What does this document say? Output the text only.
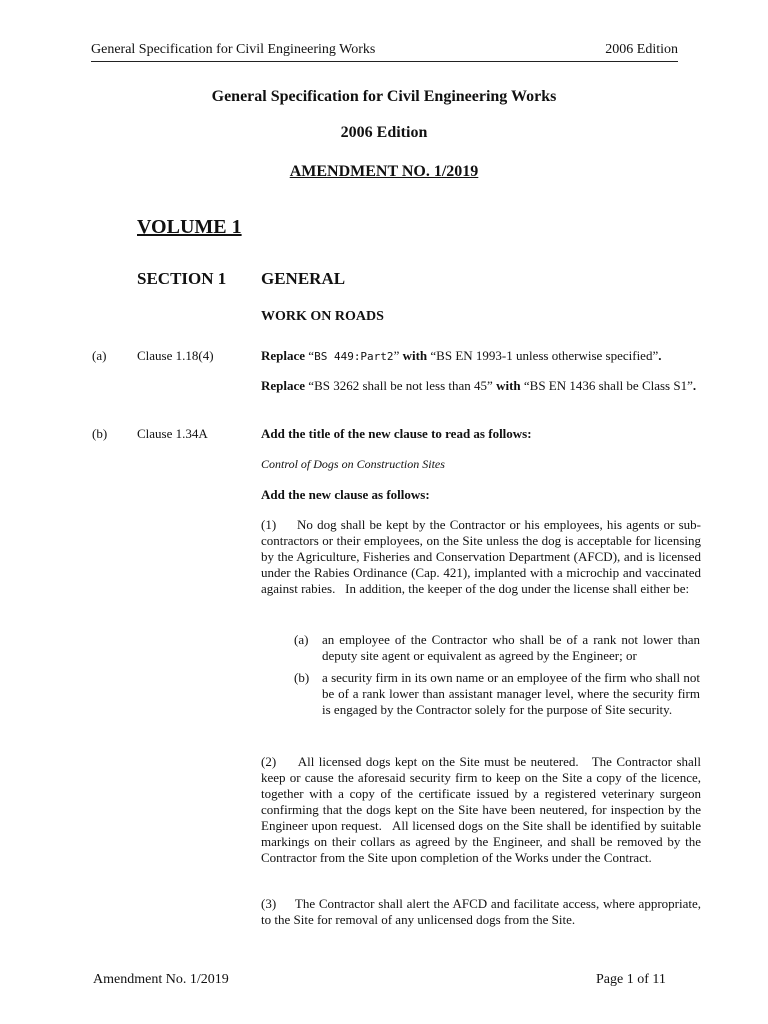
General Specification for Civil Engineering Works	2006 Edition
General Specification for Civil Engineering Works
2006 Edition
AMENDMENT NO. 1/2019
VOLUME 1
SECTION 1 GENERAL
WORK ON ROADS
(a) Clause 1.18(4)	Replace “BS 449:Part2” with “BS EN 1993-1 unless otherwise specified”.
Replace “BS 3262 shall be not less than 45” with “BS EN 1436 shall be Class S1”.
(b) Clause 1.34A	Add the title of the new clause to read as follows:
Control of Dogs on Construction Sites
Add the new clause as follows:
(1)     No dog shall be kept by the Contractor or his employees, his agents or sub-contractors or their employees, on the Site unless the dog is acceptable for licensing by the Agriculture, Fisheries and Conservation Department (AFCD), and is licensed under the Rabies Ordinance (Cap. 421), implanted with a microchip and vaccinated against rabies.   In addition, the keeper of the dog under the license shall either be:
(a) an employee of the Contractor who shall be of a rank not lower than deputy site agent or equivalent as agreed by the Engineer; or
(b) a security firm in its own name or an employee of the firm who shall not be of a rank lower than assistant manager level, where the security firm is engaged by the Contractor solely for the purpose of Site security.
(2)     All licensed dogs kept on the Site must be neutered.   The Contractor shall keep or cause the aforesaid security firm to keep on the Site a copy of the licence, together with a copy of the certificate issued by a registered veterinary surgeon confirming that the dogs kept on the Site have been neutered, for inspection by the Engineer upon request.   All licensed dogs on the Site shall be identified by suitable markings on their collars as agreed by the Engineer, and shall be removed by the Contractor from the Site upon completion of the Works under the Contract.
(3)     The Contractor shall alert the AFCD and facilitate access, where appropriate, to the Site for removal of any unlicensed dogs from the Site.
Amendment No. 1/2019	Page 1 of 11
